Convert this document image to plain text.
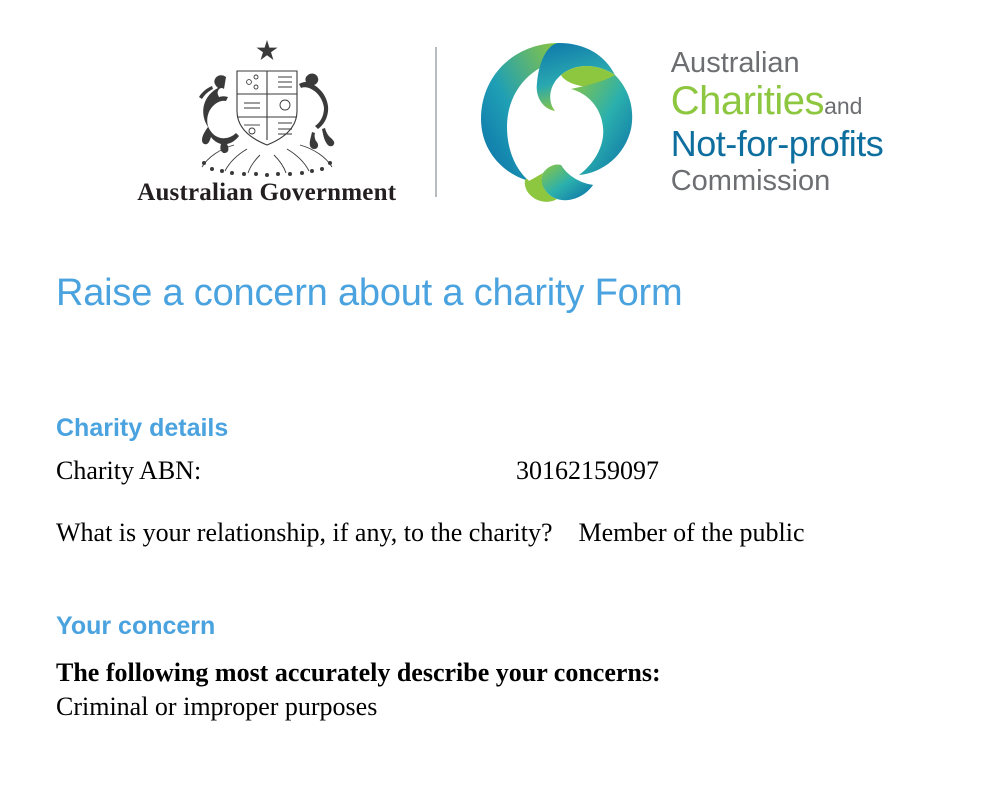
Australian Government
Australian
Charitiesand
Not-for-profits
Commission
Raise a concern about a charity Form
Charity details
Charity ABN:	30162159097
What is your relationship, if any, to the charity? Member of the public
Your concern
The following most accurately describe your concerns:
Criminal or improper purposes
